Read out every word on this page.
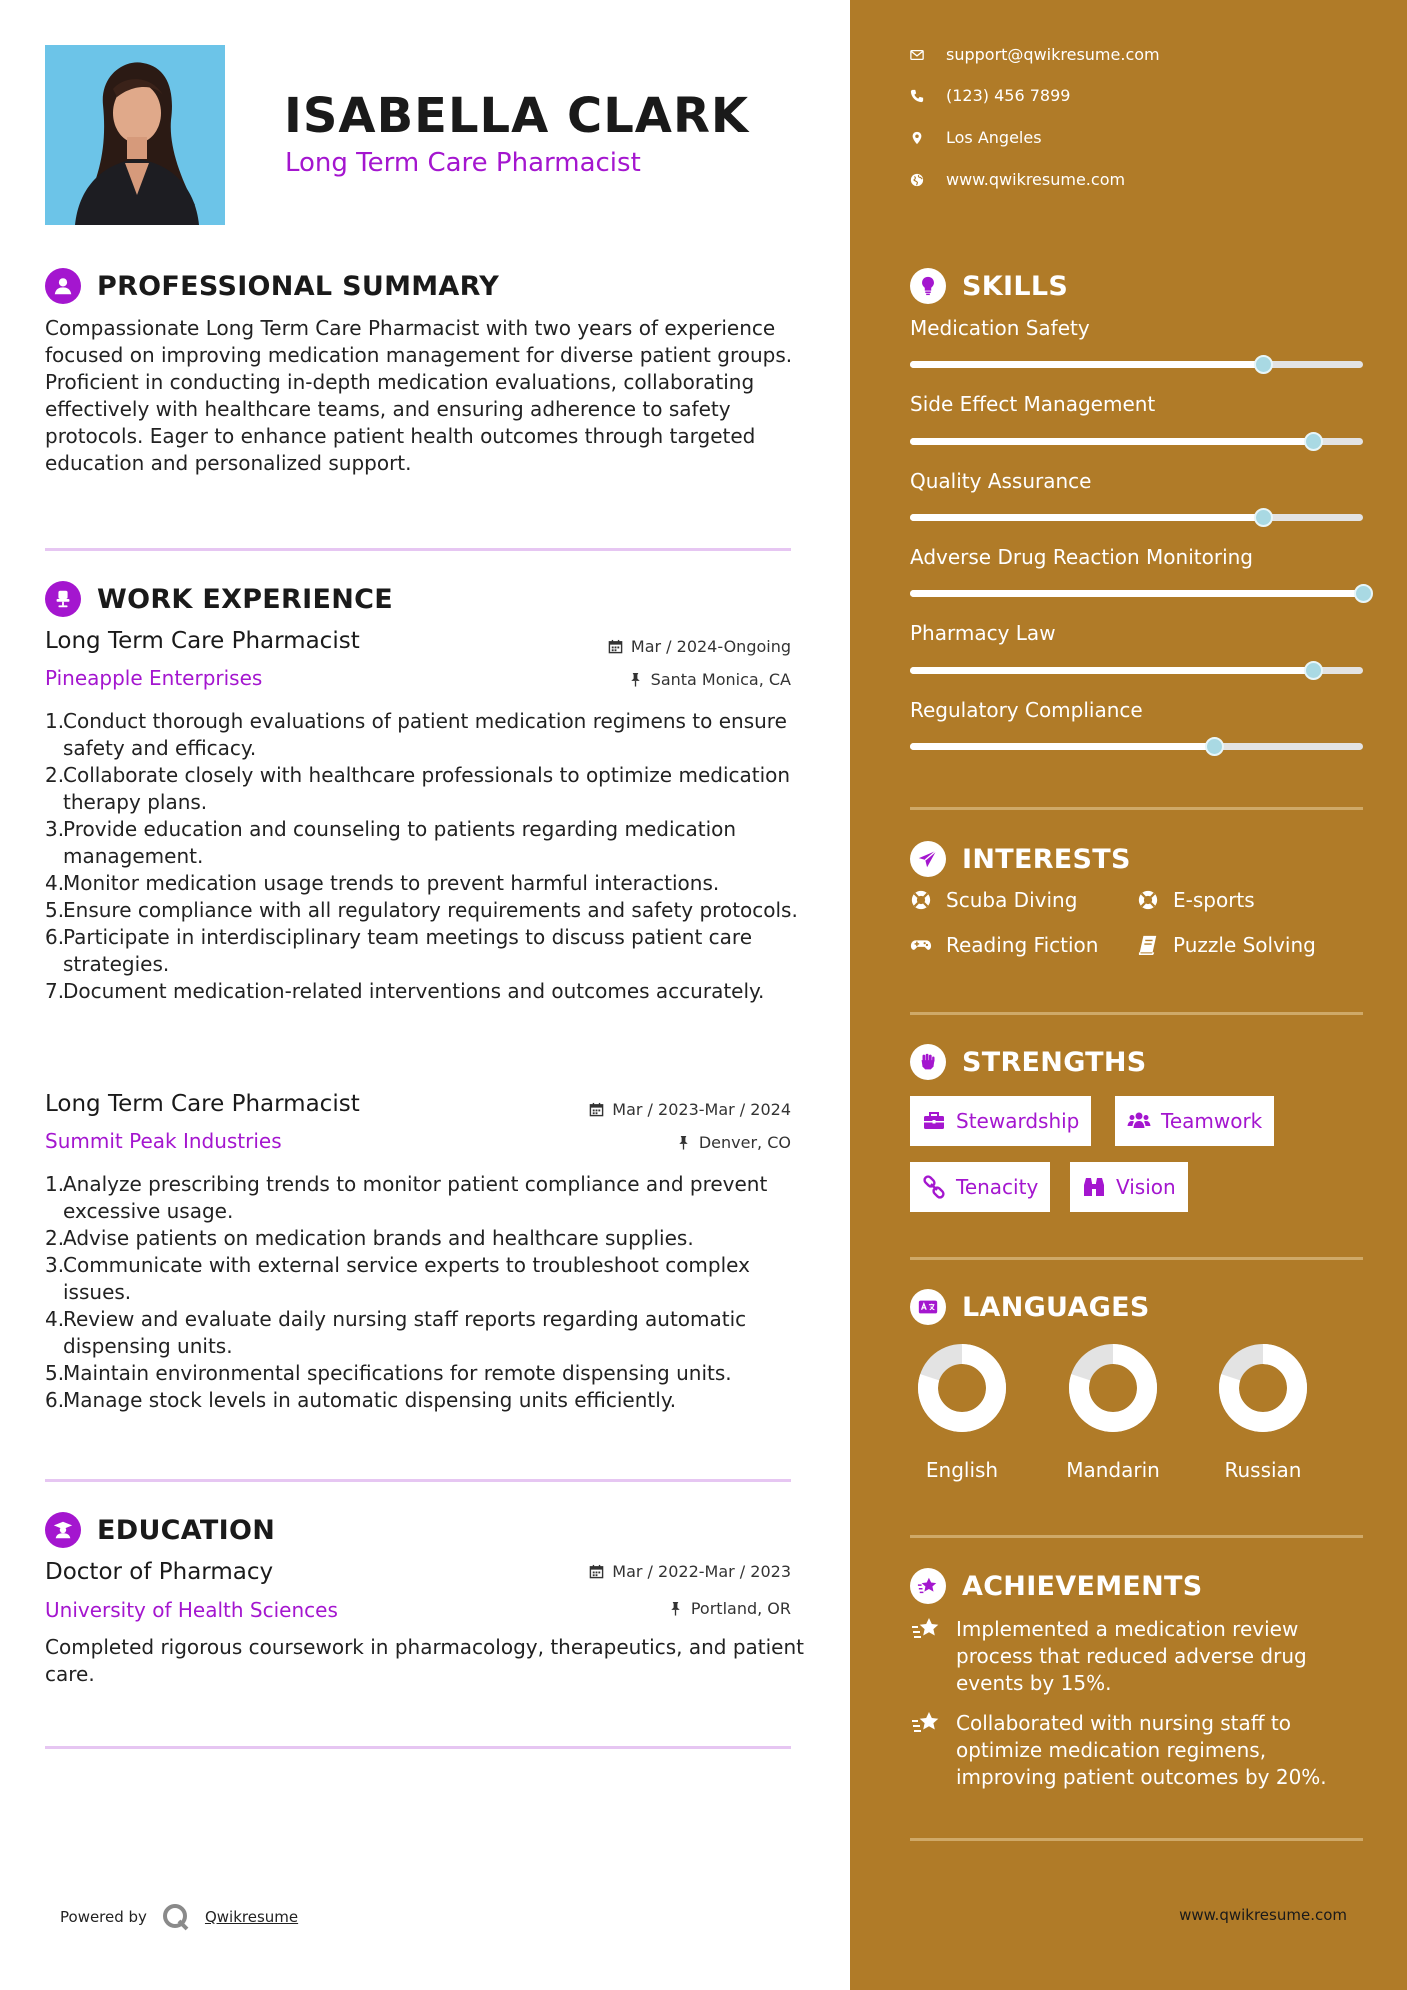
ISABELLA CLARK
Long Term Care Pharmacist
PROFESSIONAL SUMMARY
Compassionate Long Term Care Pharmacist with two years of experience focused on improving medication management for diverse patient groups. Proficient in conducting in-depth medication evaluations, collaborating effectively with healthcare teams, and ensuring adherence to safety protocols. Eager to enhance patient health outcomes through targeted education and personalized support.
WORK EXPERIENCE
Long Term Care Pharmacist	Mar / 2024-Ongoing
Pineapple Enterprises	Santa Monica, CA
1.
Conduct thorough evaluations of patient medication regimens to ensure safety and efficacy.
2.
Collaborate closely with healthcare professionals to optimize medication therapy plans.
3.
Provide education and counseling to patients regarding medication management.
4.
Monitor medication usage trends to prevent harmful interactions.
5.
Ensure compliance with all regulatory requirements and safety protocols.
6.
Participate in interdisciplinary team meetings to discuss patient care strategies.
7.
Document medication-related interventions and outcomes accurately.
Long Term Care Pharmacist	Mar / 2023-Mar / 2024
Summit Peak Industries	Denver, CO
1.
Analyze prescribing trends to monitor patient compliance and prevent excessive usage.
2.
Advise patients on medication brands and healthcare supplies.
3.
Communicate with external service experts to troubleshoot complex issues.
4.
Review and evaluate daily nursing staff reports regarding automatic dispensing units.
5.
Maintain environmental specifications for remote dispensing units.
6.
Manage stock levels in automatic dispensing units efficiently.
EDUCATION
Doctor of Pharmacy	Mar / 2022-Mar / 2023
University of Health Sciences	Portland, OR
Completed rigorous coursework in pharmacology, therapeutics, and patient care.
Powered by	Qwikresume
support@qwikresume.com
(123) 456 7899
Los Angeles
www.qwikresume.com
SKILLS
Medication Safety
Side Effect Management
Quality Assurance
Adverse Drug Reaction Monitoring
Pharmacy Law
Regulatory Compliance
INTERESTS
Scuba Diving	E-sports
Reading Fiction	Puzzle Solving
STRENGTHS
Stewardship	Teamwork
Tenacity	Vision
LANGUAGES
English	Mandarin	Russian
ACHIEVEMENTS
Implemented a medication review process that reduced adverse drug events by 15%.
Collaborated with nursing staff to optimize medication regimens, improving patient outcomes by 20%.
www.qwikresume.com
